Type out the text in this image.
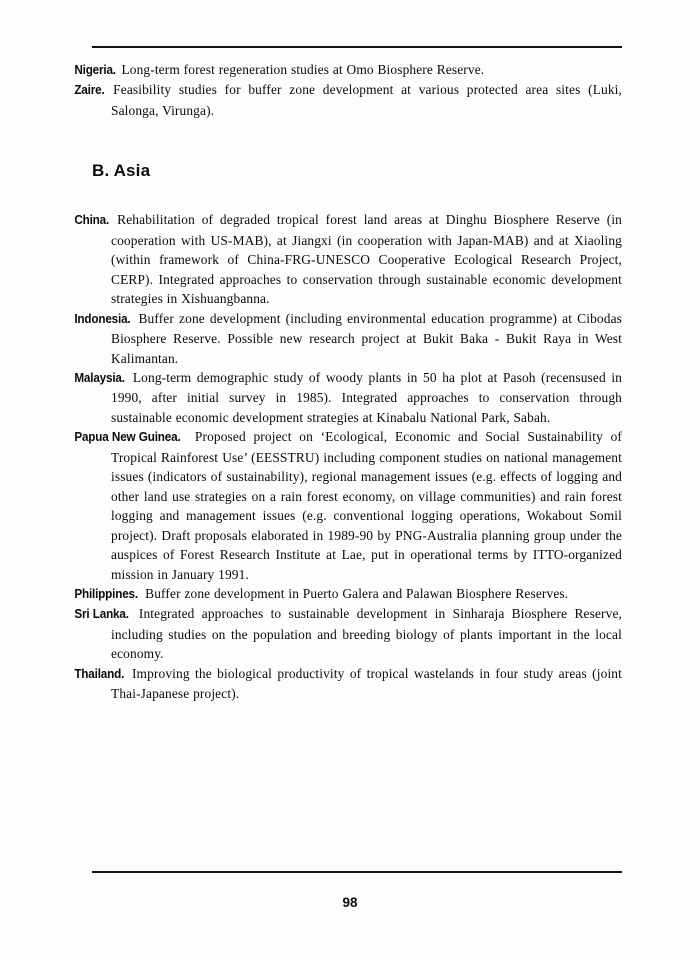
Nigeria. Long-term forest regeneration studies at Omo Biosphere Reserve.

Zaire. Feasibility studies for buffer zone development at various protected area sites (Luki, Salonga, Virunga).

B. Asia

China. Rehabilitation of degraded tropical forest land areas at Dinghu Biosphere Reserve (in cooperation with US-MAB), at Jiangxi (in cooperation with Japan-MAB) and at Xiaoling (within framework of China-FRG-UNESCO Cooperative Ecological Research Project, CERP). Integrated approaches to conservation through sustainable economic development strategies in Xishuangbanna.

Indonesia. Buffer zone development (including environmental education programme) at Cibodas Biosphere Reserve. Possible new research project at Bukit Baka - Bukit Raya in West Kalimantan.

Malaysia. Long-term demographic study of woody plants in 50 ha plot at Pasoh (recensused in 1990, after initial survey in 1985). Integrated approaches to conservation through sustainable economic development strategies at Kinabalu National Park, Sabah.

Papua New Guinea. Proposed project on ‘Ecological, Economic and Social Sustainability of Tropical Rainforest Use’ (EESSTRU) including component studies on national management issues (indicators of sustainability), regional management issues (e.g. effects of logging and other land use strategies on a rain forest economy, on village communities) and rain forest logging and management issues (e.g. conventional logging operations, Wokabout Somil project). Draft proposals elaborated in 1989-90 by PNG-Australia planning group under the auspices of Forest Research Institute at Lae, put in operational terms by ITTO-organized mission in January 1991.

Philippines. Buffer zone development in Puerto Galera and Palawan Biosphere Reserves.

Sri Lanka. Integrated approaches to sustainable development in Sinharaja Biosphere Reserve, including studies on the population and breeding biology of plants important in the local economy.

Thailand. Improving the biological productivity of tropical wastelands in four study areas (joint Thai-Japanese project).

98
